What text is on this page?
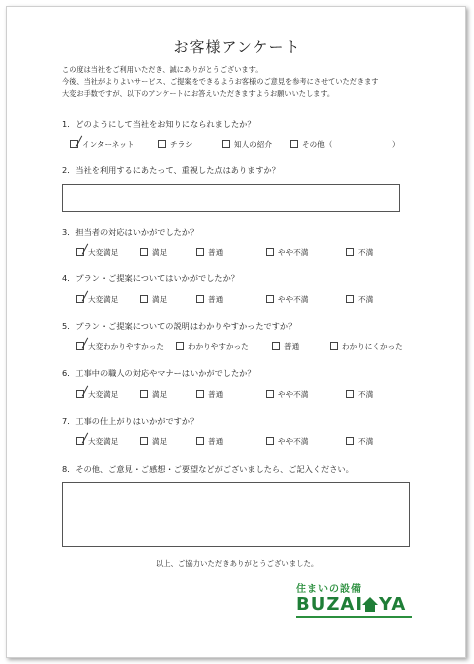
お客様アンケート
この度は当社をご利用いただき、誠にありがとうございます。
今後、当社がよりよいサービス、ご提案をできるようお客様のご意見を参考にさせていただきます
大変お手数ですが、以下のアンケートにお答えいただきますようお願いいたします。
1．どのようにして当社をお知りになられましたか？
インターネット	チラシ	知人の紹介	その他（	）
2．当社を利用するにあたって、重視した点はありますか？
3．担当者の対応はいかがでしたか？
大変満足	満足	普通	やや不満	不満
4．プラン・ご提案についてはいかがでしたか？
大変満足	満足	普通	やや不満	不満
5．プラン・ご提案についての説明はわかりやすかったですか？
大変わかりやすかった	わかりやすかった	普通	わかりにくかった
6．工事中の職人の対応やマナーはいかがでしたか？
大変満足	満足	普通	やや不満	不満
7．工事の仕上がりはいかがですか？
大変満足	満足	普通	やや不満	不満
8．その他、ご意見・ご感想・ご要望などがございましたら、ご記入ください。
以上、ご協力いただきありがとうございました。
住まいの設備
BUZAI YA
